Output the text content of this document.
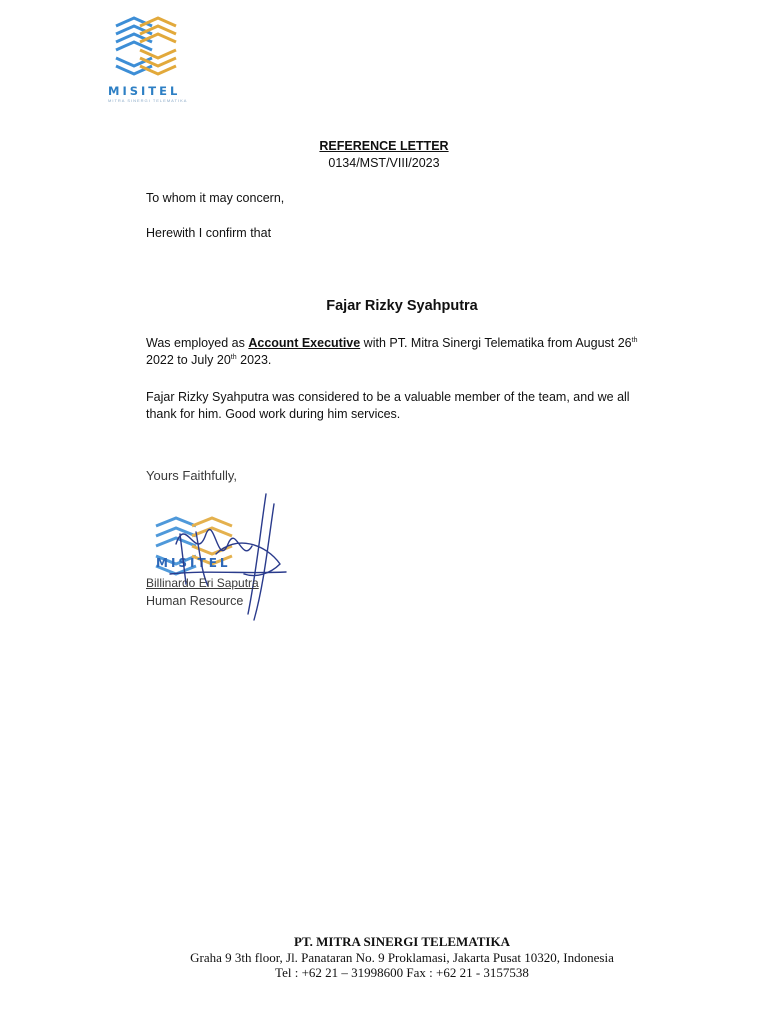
MISITEL
MITRA SINERGI TELEMATIKA
REFERENCE LETTER
0134/MST/VIII/2023
To whom it may concern,
Herewith I confirm that
Fajar Rizky Syahputra
Was employed as Account Executive with PT. Mitra Sinergi Telematika from August 26th
2022 to July 20th 2023.
Fajar Rizky Syahputra was considered to be a valuable member of the team, and we all thank for him. Good work during him services.
Yours Faithfully,
MISITEL
Billinardo Eri Saputra
Human Resource
PT. MITRA SINERGI TELEMATIKA
Graha 9 3th floor, Jl. Panataran No. 9 Proklamasi, Jakarta Pusat 10320, Indonesia
Tel : +62 21 – 31998600 Fax : +62 21 - 3157538
